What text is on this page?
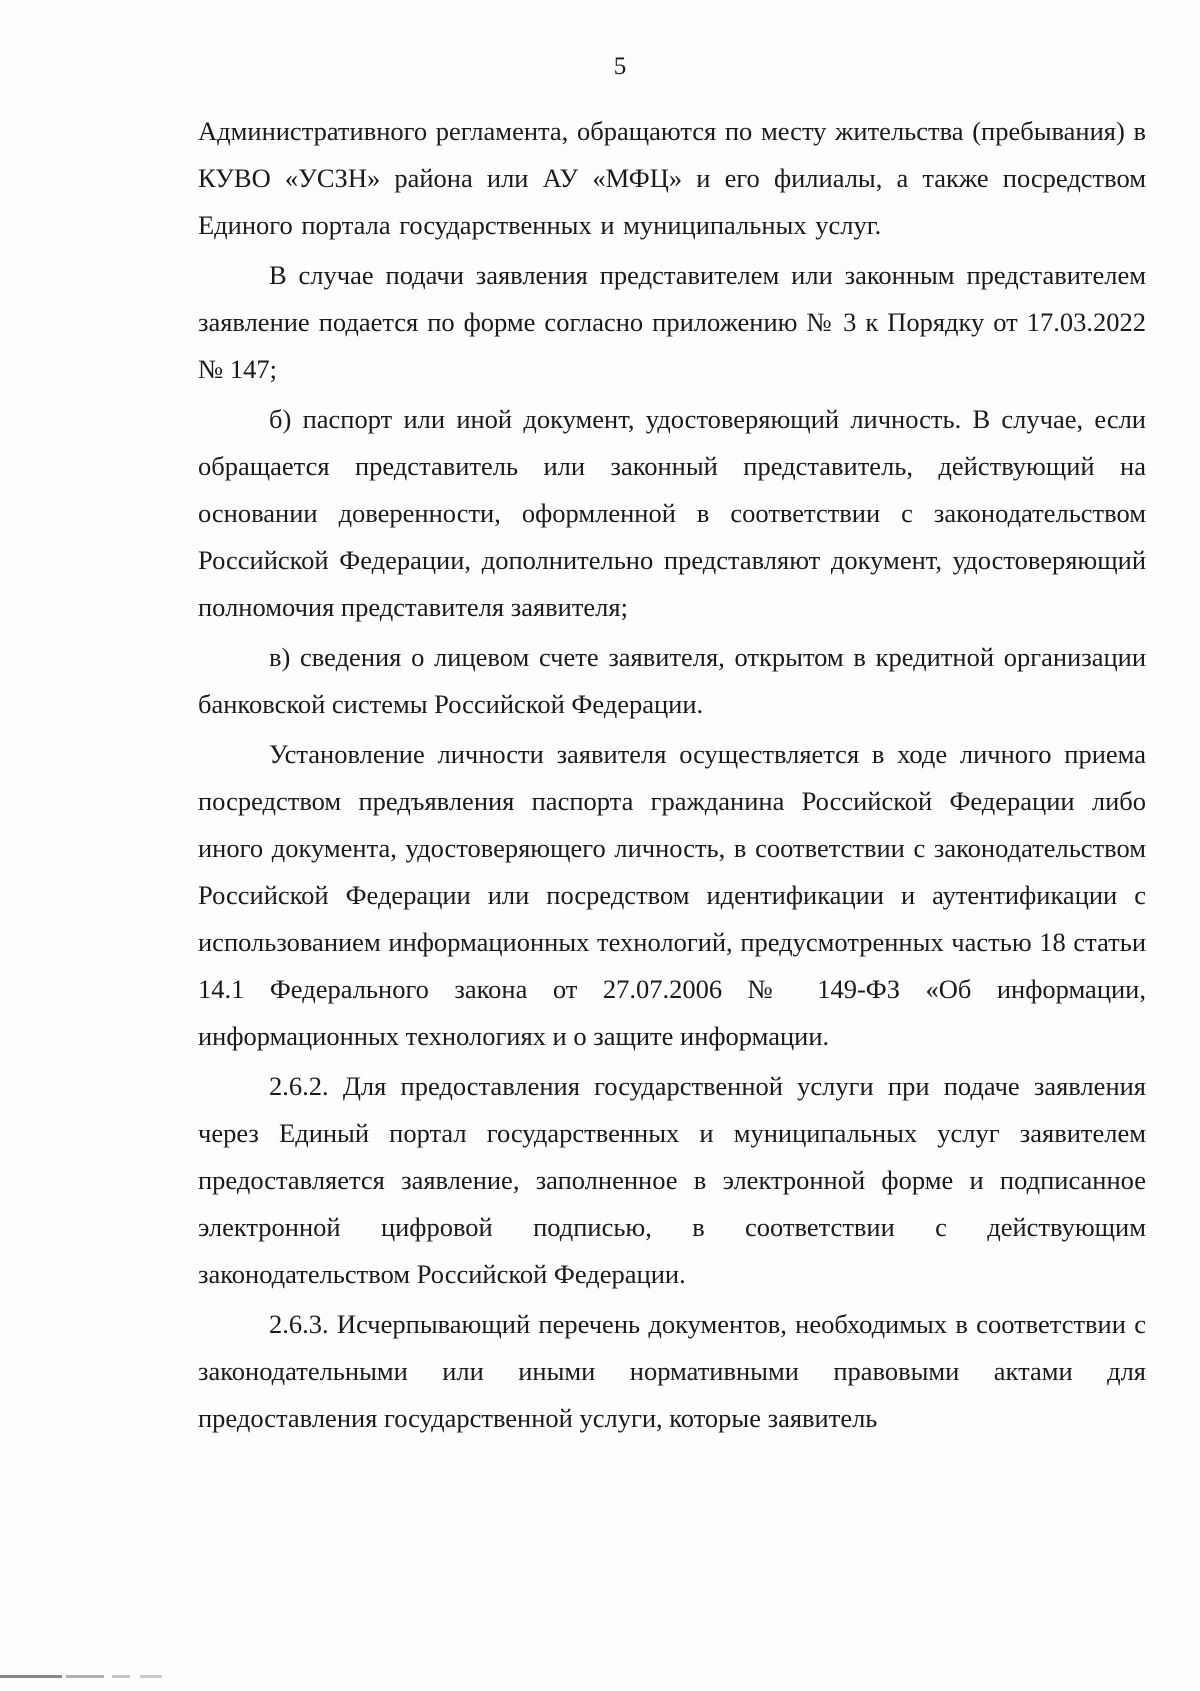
5

Административного регламента, обращаются по месту жительства (пребывания) в КУВО «УСЗН» района или АУ «МФЦ» и его филиалы, а также посредством Единого портала государственных и муниципальных услуг.

В случае подачи заявления представителем или законным представителем заявление подается по форме согласно приложению № 3 к Порядку от 17.03.2022 № 147;

б) паспорт или иной документ, удостоверяющий личность. В случае, если обращается представитель или законный представитель, действующий на основании доверенности, оформленной в соответствии с законодательством Российской Федерации, дополнительно представляют документ, удостоверяющий полномочия представителя заявителя;

в) сведения о лицевом счете заявителя, открытом в кредитной организации банковской системы Российской Федерации.

Установление личности заявителя осуществляется в ходе личного приема посредством предъявления паспорта гражданина Российской Федерации либо иного документа, удостоверяющего личность, в соответствии с законодательством Российской Федерации или посредством идентификации и аутентификации с использованием информационных технологий, предусмотренных частью 18 статьи 14.1 Федерального закона от 27.07.2006 № 149-ФЗ «Об информации, информационных технологиях и о защите информации.

2.6.2. Для предоставления государственной услуги при подаче заявления через Единый портал государственных и муниципальных услуг заявителем предоставляется заявление, заполненное в электронной форме и подписанное электронной цифровой подписью, в соответствии с действующим законодательством Российской Федерации.

2.6.3. Исчерпывающий перечень документов, необходимых в соответствии с законодательными или иными нормативными правовыми актами для предоставления государственной услуги, которые заявитель
